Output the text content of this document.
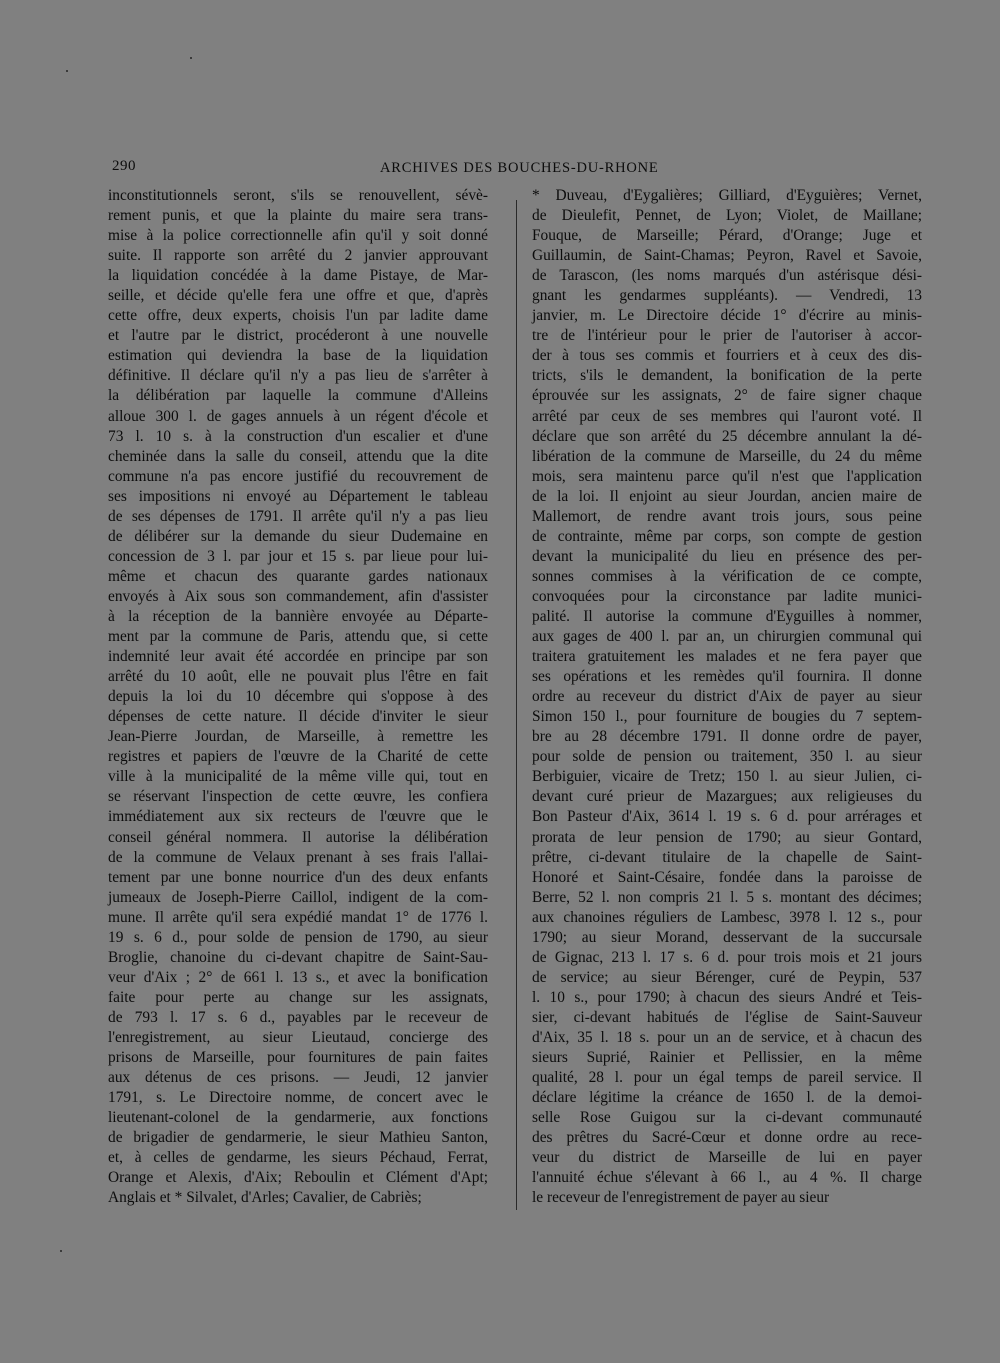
290	ARCHIVES DES BOUCHES-DU-RHONE
inconstitutionnels seront, s'ils se renouvellent, sévè-
rement punis, et que la plainte du maire sera trans-
mise à la police correctionnelle afin qu'il y soit donné
suite. Il rapporte son arrêté du 2 janvier approuvant
la liquidation concédée à la dame Pistaye, de Mar-
seille, et décide qu'elle fera une offre et que, d'après
cette offre, deux experts, choisis l'un par ladite dame
et l'autre par le district, procéderont à une nouvelle
estimation qui deviendra la base de la liquidation
définitive. Il déclare qu'il n'y a pas lieu de s'arrêter à
la délibération par laquelle la commune d'Alleins
alloue 300 l. de gages annuels à un régent d'école et
73 l. 10 s. à la construction d'un escalier et d'une
cheminée dans la salle du conseil, attendu que la dite
commune n'a pas encore justifié du recouvrement de
ses impositions ni envoyé au Département le tableau
de ses dépenses de 1791. Il arrête qu'il n'y a pas lieu
de délibérer sur la demande du sieur Dudemaine en
concession de 3 l. par jour et 15 s. par lieue pour lui-
même et chacun des quarante gardes nationaux
envoyés à Aix sous son commandement, afin d'assister
à la réception de la bannière envoyée au Départe-
ment par la commune de Paris, attendu que, si cette
indemnité leur avait été accordée en principe par son
arrêté du 10 août, elle ne pouvait plus l'être en fait
depuis la loi du 10 décembre qui s'oppose à des
dépenses de cette nature. Il décide d'inviter le sieur
Jean-Pierre Jourdan, de Marseille, à remettre les
registres et papiers de l'œuvre de la Charité de cette
ville à la municipalité de la même ville qui, tout en
se réservant l'inspection de cette œuvre, les confiera
immédiatement aux six recteurs de l'œuvre que le
conseil général nommera. Il autorise la délibération
de la commune de Velaux prenant à ses frais l'allai-
tement par une bonne nourrice d'un des deux enfants
jumeaux de Joseph-Pierre Caillol, indigent de la com-
mune. Il arrête qu'il sera expédié mandat 1° de 1776 l.
19 s. 6 d., pour solde de pension de 1790, au sieur
Broglie, chanoine du ci-devant chapitre de Saint-Sau-
veur d'Aix ; 2° de 661 l. 13 s., et avec la bonification
faite pour perte au change sur les assignats,
de 793 l. 17 s. 6 d., payables par le receveur de
l'enregistrement, au sieur Lieutaud, concierge des
prisons de Marseille, pour fournitures de pain faites
aux détenus de ces prisons. — Jeudi, 12 janvier
1791, s. Le Directoire nomme, de concert avec le
lieutenant-colonel de la gendarmerie, aux fonctions
de brigadier de gendarmerie, le sieur Mathieu Santon,
et, à celles de gendarme, les sieurs Péchaud, Ferrat,
Orange et Alexis, d'Aix; Reboulin et Clément d'Apt;
Anglais et * Silvalet, d'Arles; Cavalier, de Cabriès;
* Duveau, d'Eygalières; Gilliard, d'Eyguières; Vernet,
de Dieulefit, Pennet, de Lyon; Violet, de Maillane;
Fouque, de Marseille; Pérard, d'Orange; Juge et
Guillaumin, de Saint-Chamas; Peyron, Ravel et Savoie,
de Tarascon, (les noms marqués d'un astérisque dési-
gnant les gendarmes suppléants). — Vendredi, 13
janvier, m. Le Directoire décide 1° d'écrire au minis-
tre de l'intérieur pour le prier de l'autoriser à accor-
der à tous ses commis et fourriers et à ceux des dis-
tricts, s'ils le demandent, la bonification de la perte
éprouvée sur les assignats, 2° de faire signer chaque
arrêté par ceux de ses membres qui l'auront voté. Il
déclare que son arrêté du 25 décembre annulant la dé-
libération de la commune de Marseille, du 24 du même
mois, sera maintenu parce qu'il n'est que l'application
de la loi. Il enjoint au sieur Jourdan, ancien maire de
Mallemort, de rendre avant trois jours, sous peine
de contrainte, même par corps, son compte de gestion
devant la municipalité du lieu en présence des per-
sonnes commises à la vérification de ce compte,
convoquées pour la circonstance par ladite munici-
palité. Il autorise la commune d'Eyguilles à nommer,
aux gages de 400 l. par an, un chirurgien communal qui
traitera gratuitement les malades et ne fera payer que
ses opérations et les remèdes qu'il fournira. Il donne
ordre au receveur du district d'Aix de payer au sieur
Simon 150 l., pour fourniture de bougies du 7 septem-
bre au 28 décembre 1791. Il donne ordre de payer,
pour solde de pension ou traitement, 350 l. au sieur
Berbiguier, vicaire de Tretz; 150 l. au sieur Julien, ci-
devant curé prieur de Mazargues; aux religieuses du
Bon Pasteur d'Aix, 3614 l. 19 s. 6 d. pour arrérages et
prorata de leur pension de 1790; au sieur Gontard,
prêtre, ci-devant titulaire de la chapelle de Saint-
Honoré et Saint-Césaire, fondée dans la paroisse de
Berre, 52 l. non compris 21 l. 5 s. montant des décimes;
aux chanoines réguliers de Lambesc, 3978 l. 12 s., pour
1790; au sieur Morand, desservant de la succursale
de Gignac, 213 l. 17 s. 6 d. pour trois mois et 21 jours
de service; au sieur Bérenger, curé de Peypin, 537
l. 10 s., pour 1790; à chacun des sieurs André et Teis-
sier, ci-devant habitués de l'église de Saint-Sauveur
d'Aix, 35 l. 18 s. pour un an de service, et à chacun des
sieurs Suprié, Rainier et Pellissier, en la même
qualité, 28 l. pour un égal temps de pareil service. Il
déclare légitime la créance de 1650 l. de la demoi-
selle Rose Guigou sur la ci-devant communauté
des prêtres du Sacré-Cœur et donne ordre au rece-
veur du district de Marseille de lui en payer
l'annuité échue s'élevant à 66 l., au 4 %. Il charge
le receveur de l'enregistrement de payer au sieur
